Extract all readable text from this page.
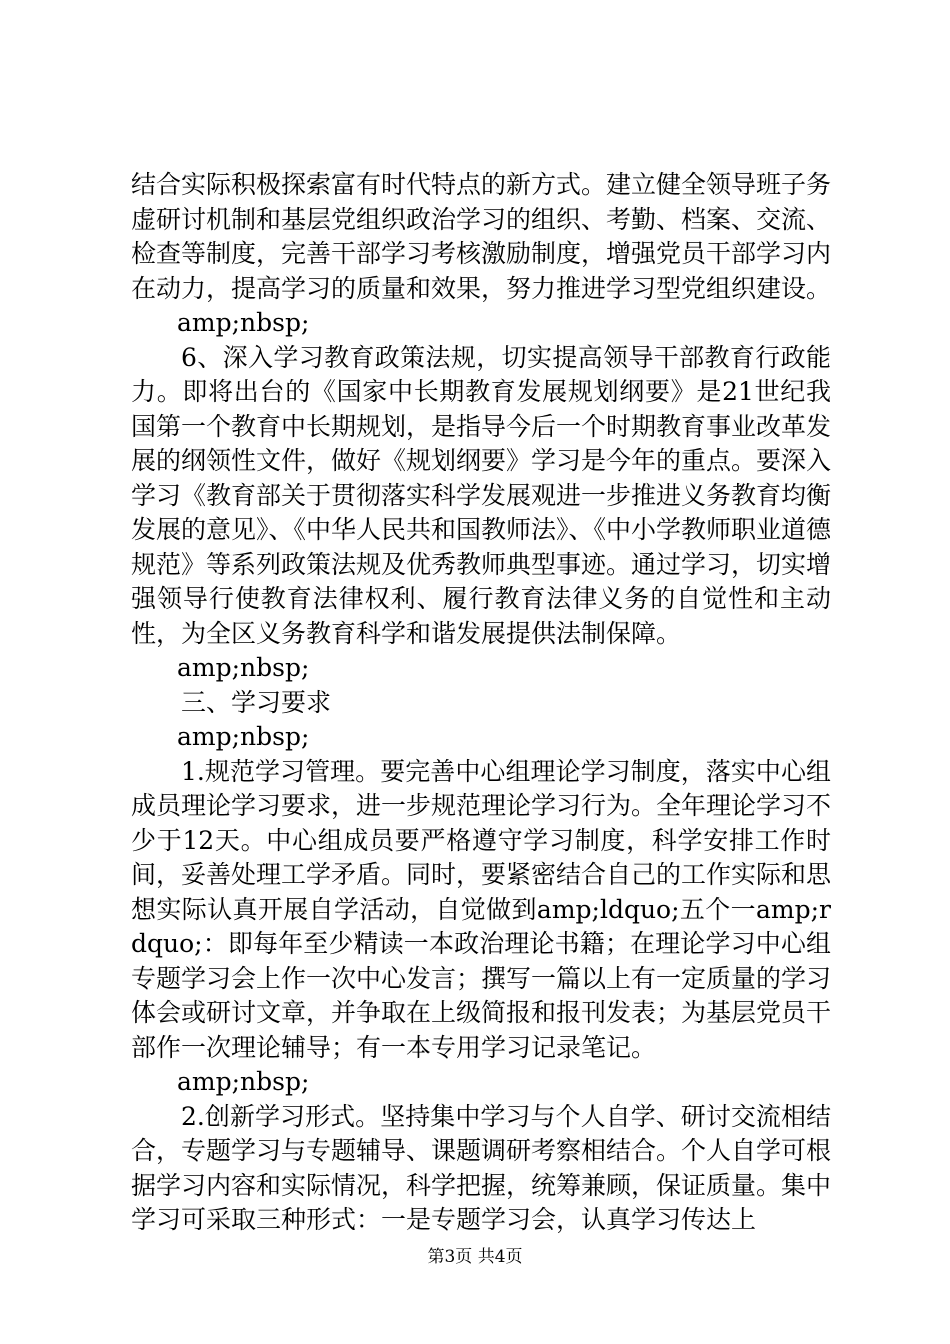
结合实际积极探索富有时代特点的新方式。建立健全领导班子务虚研讨机制和基层党组织政治学习的组织、考勤、档案、交流、检查等制度，完善干部学习考核激励制度，增强党员干部学习内在动力，提高学习的质量和效果，努力推进学习型党组织建设。

amp;nbsp;

6、深入学习教育政策法规，切实提高领导干部教育行政能力。即将出台的《国家中长期教育发展规划纲要》是21世纪我国第一个教育中长期规划，是指导今后一个时期教育事业改革发展的纲领性文件，做好《规划纲要》学习是今年的重点。要深入学习《教育部关于贯彻落实科学发展观进一步推进义务教育均衡发展的意见》、《中华人民共和国教师法》、《中小学教师职业道德规范》等系列政策法规及优秀教师典型事迹。通过学习，切实增强领导行使教育法律权利、履行教育法律义务的自觉性和主动性，为全区义务教育科学和谐发展提供法制保障。

amp;nbsp;

三、学习要求

amp;nbsp;

1.规范学习管理。要完善中心组理论学习制度，落实中心组成员理论学习要求，进一步规范理论学习行为。全年理论学习不少于12天。中心组成员要严格遵守学习制度，科学安排工作时间，妥善处理工学矛盾。同时，要紧密结合自己的工作实际和思想实际认真开展自学活动，自觉做到amp;ldquo;五个一amp;rdquo;：即每年至少精读一本政治理论书籍；在理论学习中心组专题学习会上作一次中心发言；撰写一篇以上有一定质量的学习体会或研讨文章，并争取在上级简报和报刊发表；为基层党员干部作一次理论辅导；有一本专用学习记录笔记。

amp;nbsp;

2.创新学习形式。坚持集中学习与个人自学、研讨交流相结合，专题学习与专题辅导、课题调研考察相结合。个人自学可根据学习内容和实际情况，科学把握，统筹兼顾，保证质量。集中学习可采取三种形式：一是专题学习会，认真学习传达上

第3页 共4页
